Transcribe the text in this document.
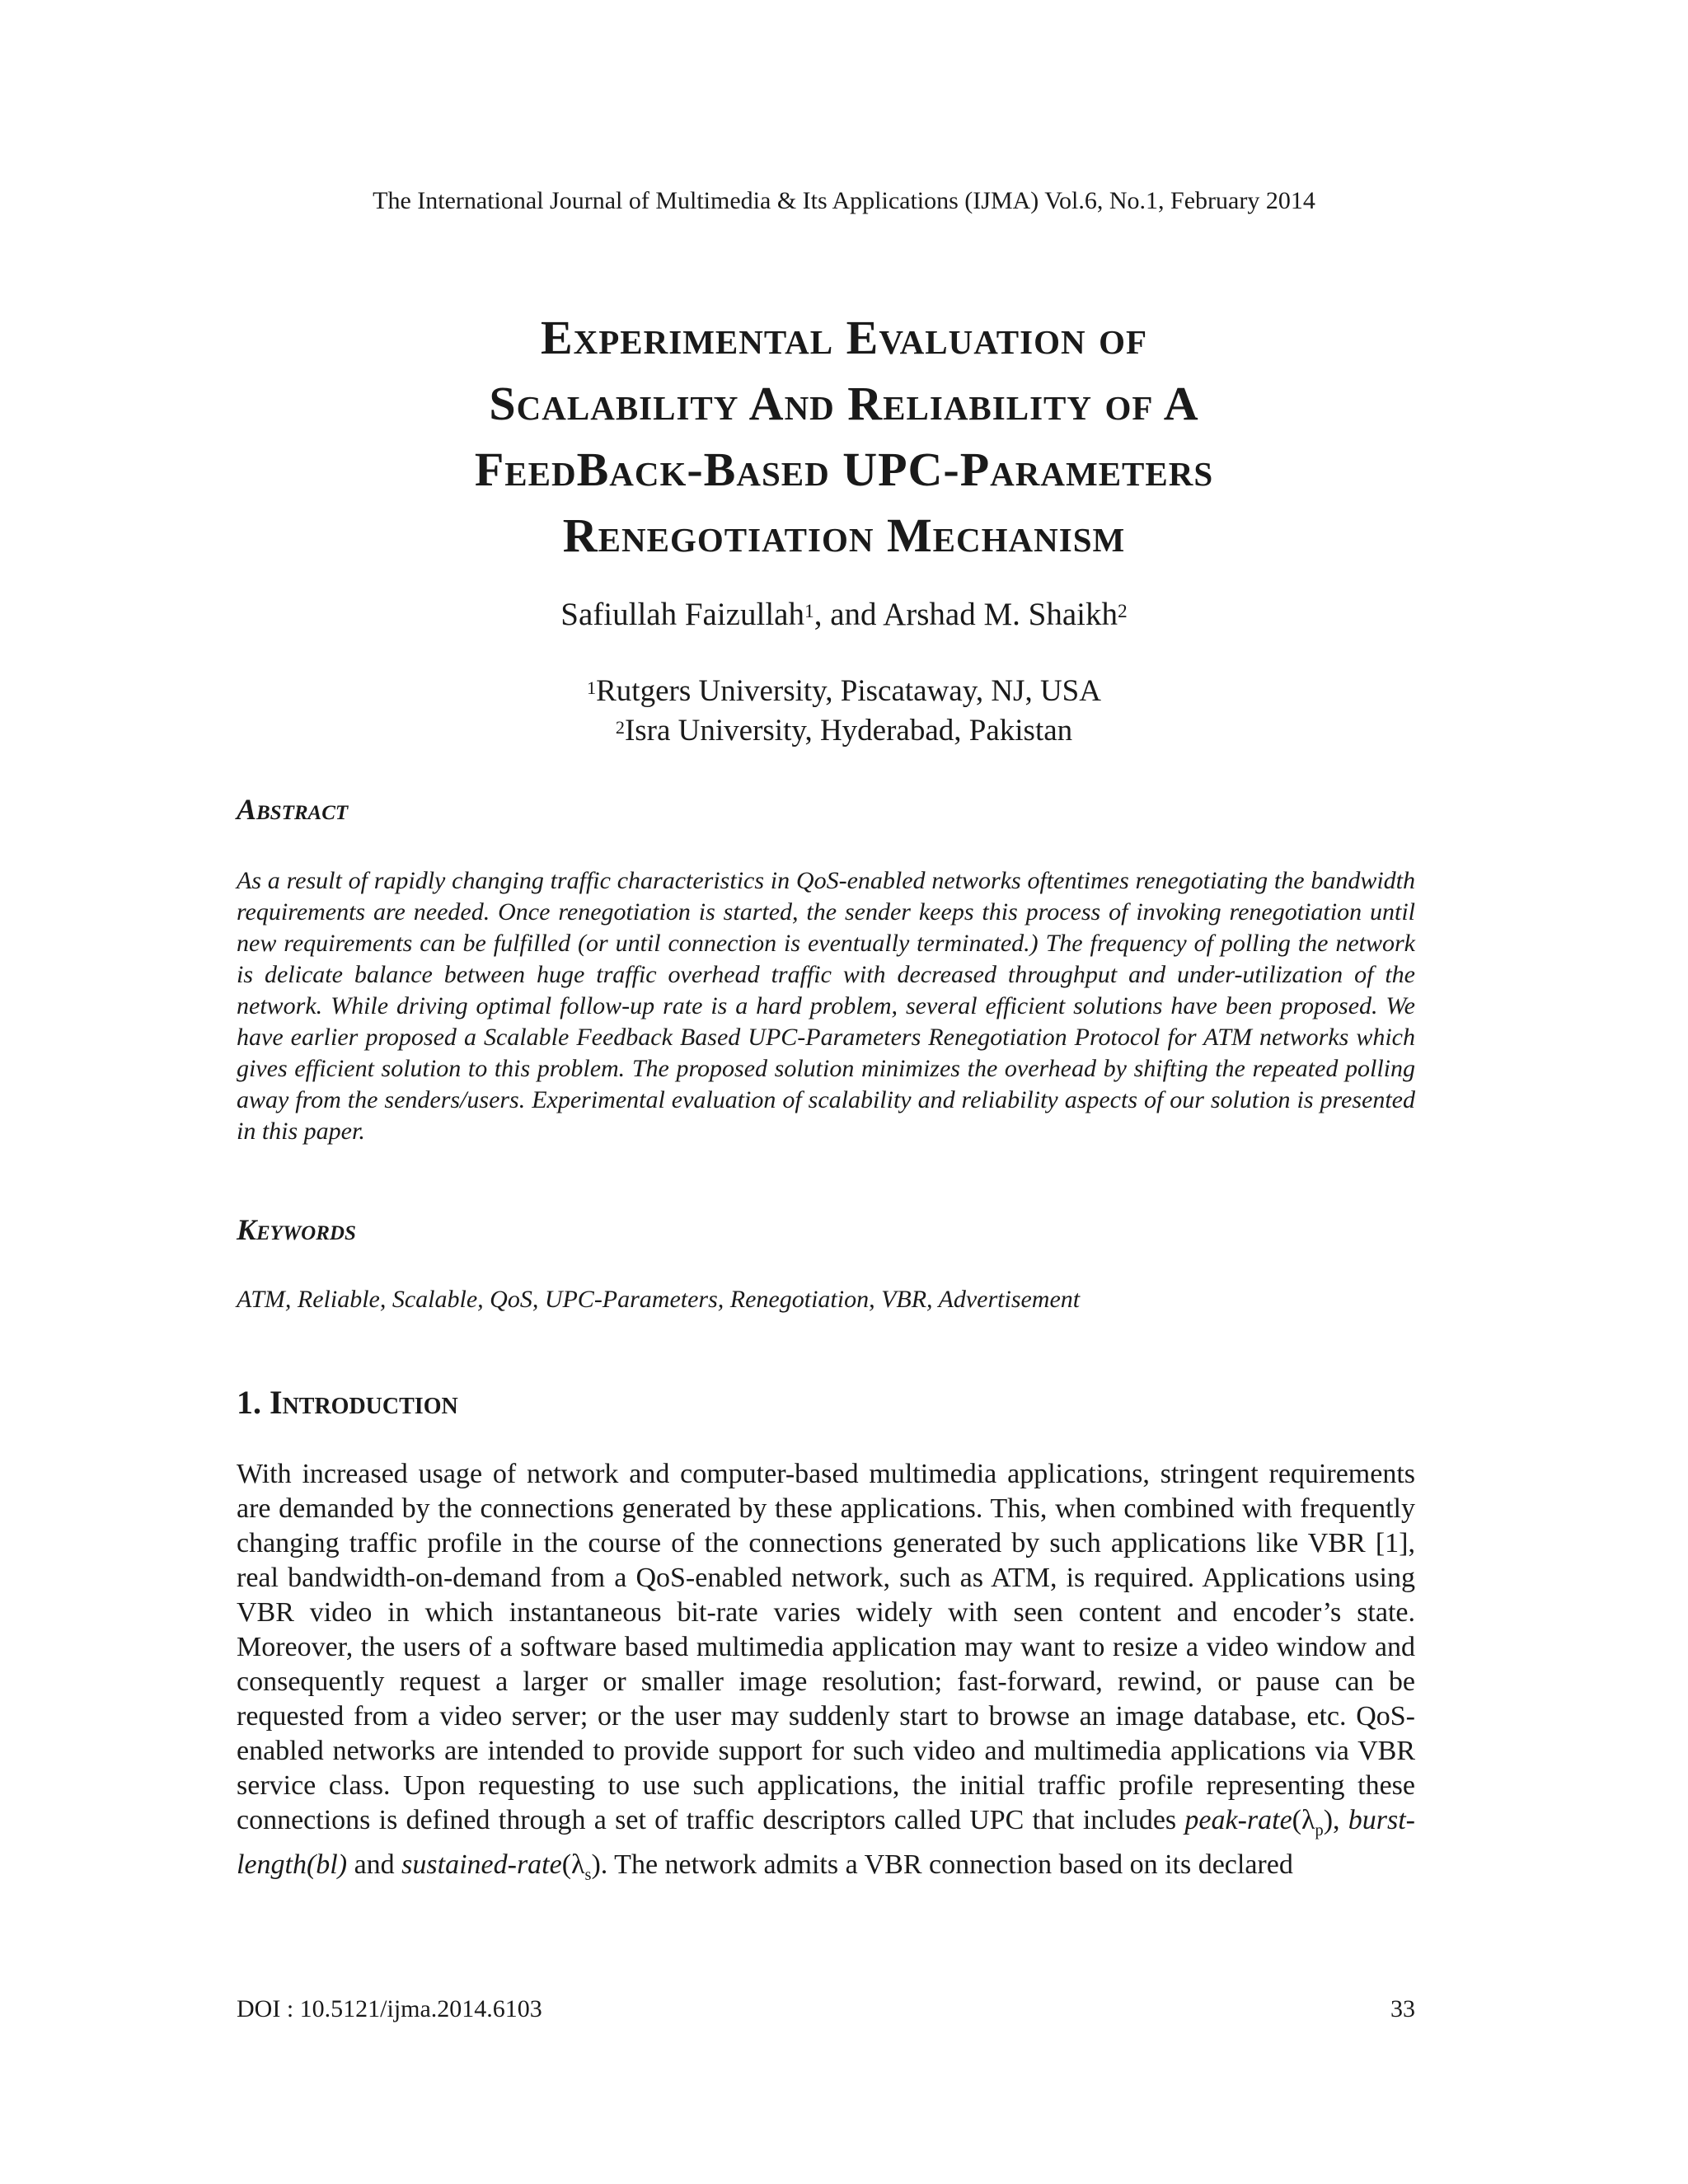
The International Journal of Multimedia & Its Applications (IJMA) Vol.6, No.1, February 2014
Experimental Evaluation of
Scalability And Reliability of A
FeedBack-Based UPC-Parameters
Renegotiation Mechanism
Safiullah Faizullah$^1$, and Arshad M. Shaikh$^2$
$^1$Rutgers University, Piscataway, NJ, USA
$^2$Isra University, Hyderabad, Pakistan
Abstract

As a result of rapidly changing traffic characteristics in QoS-enabled networks oftentimes renegotiating the bandwidth requirements are needed. Once renegotiation is started, the sender keeps this process of invoking renegotiation until new requirements can be fulfilled (or until connection is eventually terminated.) The frequency of polling the network is delicate balance between huge traffic overhead traffic with decreased throughput and under-utilization of the network. While driving optimal follow-up rate is a hard problem, several efficient solutions have been proposed. We have earlier proposed a Scalable Feedback Based UPC-Parameters Renegotiation Protocol for ATM networks which gives efficient solution to this problem. The proposed solution minimizes the overhead by shifting the repeated polling away from the senders/users. Experimental evaluation of scalability and reliability aspects of our solution is presented in this paper.

Keywords

ATM, Reliable, Scalable, QoS, UPC-Parameters, Renegotiation, VBR, Advertisement

1. Introduction

With increased usage of network and computer-based multimedia applications, stringent requirements are demanded by the connections generated by these applications. This, when combined with frequently changing traffic profile in the course of the connections generated by such applications like VBR [1], real bandwidth-on-demand from a QoS-enabled network, such as ATM, is required. Applications using VBR video in which instantaneous bit-rate varies widely with seen content and encoder’s state. Moreover, the users of a software based multimedia application may want to resize a video window and consequently request a larger or smaller image resolution; fast-forward, rewind, or pause can be requested from a video server; or the user may suddenly start to browse an image database, etc. QoS-enabled networks are intended to provide support for such video and multimedia applications via VBR service class. Upon requesting to use such applications, the initial traffic profile representing these connections is defined through a set of traffic descriptors called UPC that includes peak-$rate(\lambda_p)$, burst-length(bl) and sustained-$rate(\lambda_s)$. The network admits a VBR connection based on its declared

DOI : 10.5121/ijma.2014.6103	33
